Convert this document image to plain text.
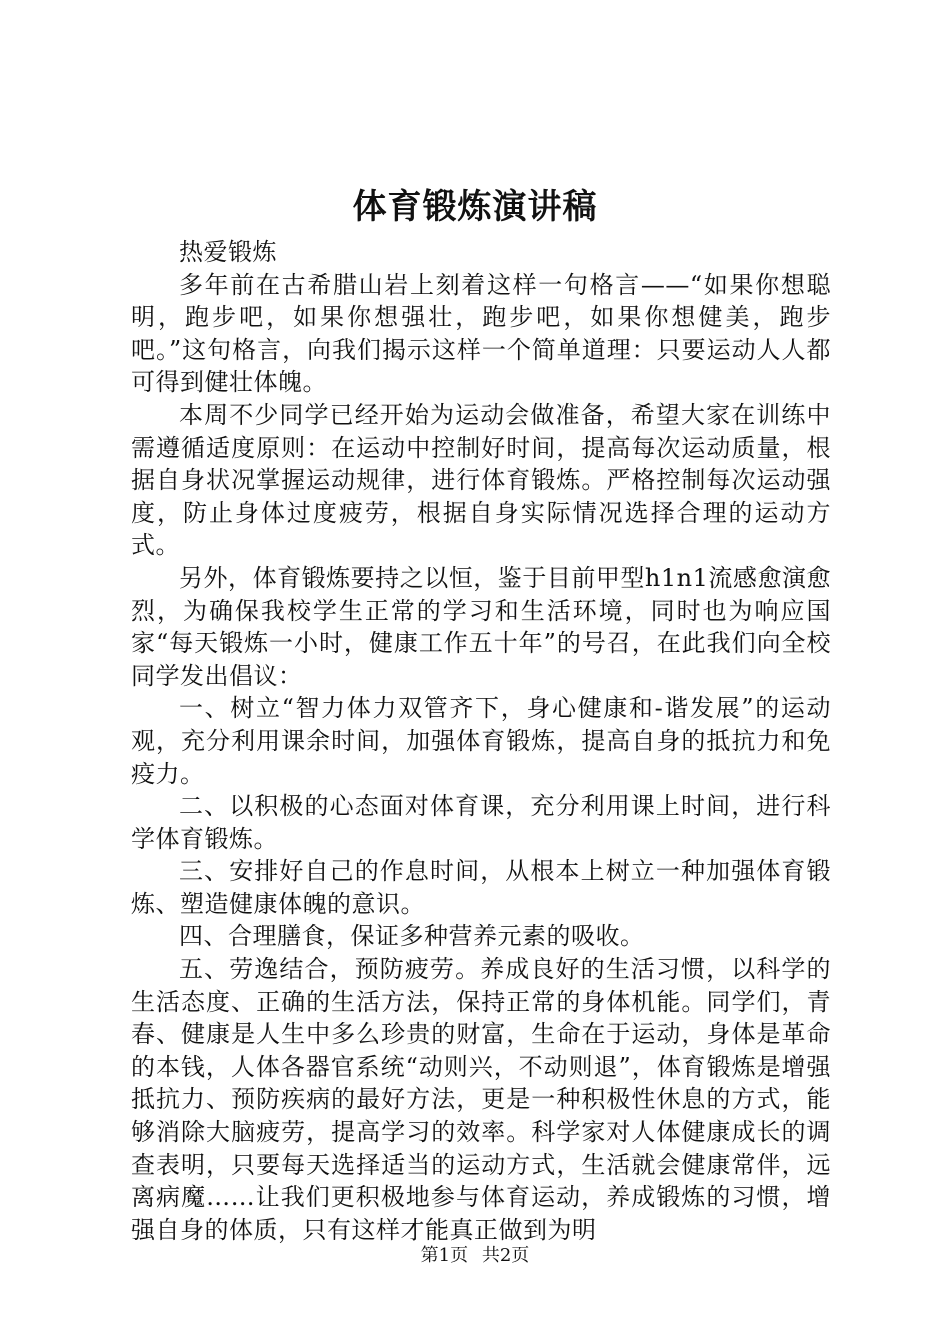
体育锻炼演讲稿

热爱锻炼

多年前在古希腊山岩上刻着这样一句格言——“如果你想聪明，跑步吧，如果你想强壮，跑步吧，如果你想健美，跑步吧。”这句格言，向我们揭示这样一个简单道理：只要运动人人都可得到健壮体魄。

本周不少同学已经开始为运动会做准备，希望大家在训练中需遵循适度原则：在运动中控制好时间，提高每次运动质量，根据自身状况掌握运动规律，进行体育锻炼。严格控制每次运动强度，防止身体过度疲劳，根据自身实际情况选择合理的运动方式。

另外，体育锻炼要持之以恒，鉴于目前甲型h1n1流感愈演愈烈，为确保我校学生正常的学习和生活环境，同时也为响应国家“每天锻炼一小时，健康工作五十年”的号召，在此我们向全校同学发出倡议：

一、树立“智力体力双管齐下，身心健康和-谐发展”的运动观，充分利用课余时间，加强体育锻炼，提高自身的抵抗力和免疫力。

二、以积极的心态面对体育课，充分利用课上时间，进行科学体育锻炼。

三、安排好自己的作息时间，从根本上树立一种加强体育锻炼、塑造健康体魄的意识。

四、合理膳食，保证多种营养元素的吸收。

五、劳逸结合，预防疲劳。养成良好的生活习惯，以科学的生活态度、正确的生活方法，保持正常的身体机能。同学们，青春、健康是人生中多么珍贵的财富，生命在于运动，身体是革命的本钱，人体各器官系统“动则兴，不动则退”，体育锻炼是增强抵抗力、预防疾病的最好方法，更是一种积极性休息的方式，能够消除大脑疲劳，提高学习的效率。科学家对人体健康成长的调查表明，只要每天选择适当的运动方式，生活就会健康常伴，远离病魔……让我们更积极地参与体育运动，养成锻炼的习惯，增强自身的体质，只有这样才能真正做到为明

第1页 共2页
